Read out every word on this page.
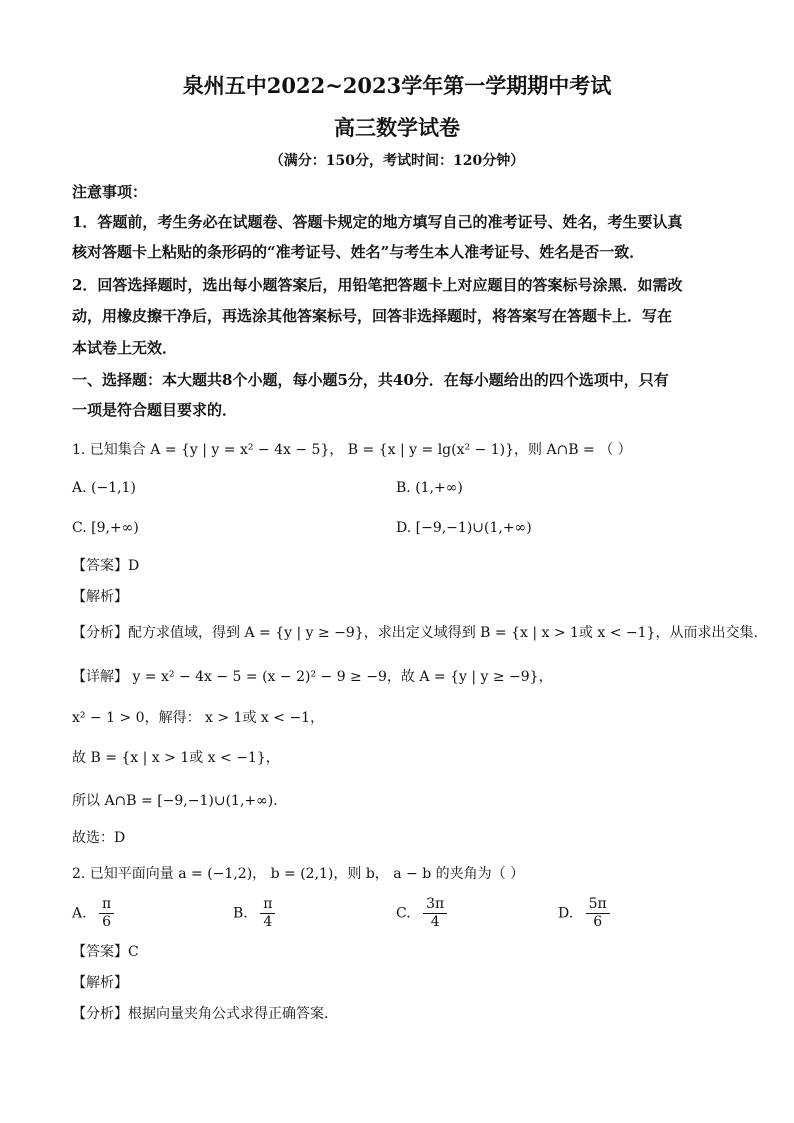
泉州五中2022~2023学年第一学期期中考试
高三数学试卷
（满分：150分，考试时间：120分钟）
注意事项：
1．答题前，考生务必在试题卷、答题卡规定的地方填写自己的准考证号、姓名，考生要认真
核对答题卡上粘贴的条形码的“准考证号、姓名”与考生本人准考证号、姓名是否一致．
2．回答选择题时，选出每小题答案后，用铅笔把答题卡上对应题目的答案标号涂黑．如需改
动，用橡皮擦干净后，再选涂其他答案标号，回答非选择题时，将答案写在答题卡上．写在
本试卷上无效．
一、选择题：本大题共8个小题，每小题5分，共40分．在每小题给出的四个选项中，只有
一项是符合题目要求的．
1. 已知集合 A = {y | y = x² − 4x − 5}， B = {x | y = lg(x² − 1)}，则 A∩B = （ ）
A. (−1,1)	B. (1,+∞)
C. [9,+∞)	D. [−9,−1)∪(1,+∞)
【答案】D
【解析】
【分析】配方求值域，得到 A = {y | y ≥ −9}，求出定义域得到 B = {x | x > 1或 x < −1}，从而求出交集.
【详解】 y = x² − 4x − 5 = (x − 2)² − 9 ≥ −9，故 A = {y | y ≥ −9}，
x² − 1 > 0，解得： x > 1或 x < −1，
故 B = {x | x > 1或 x < −1}，
所以 A∩B = [−9,−1)∪(1,+∞).
故选：D
2. 已知平面向量 a = (−1,2)， b = (2,1)，则 b， a − b 的夹角为（ ）
A. $\frac{\pi}{6}$	B. $\frac{\pi}{4}$	C. $\frac{3\pi}{4}$	D. $\frac{5\pi}{6}$
【答案】C
【解析】
【分析】根据向量夹角公式求得正确答案.
